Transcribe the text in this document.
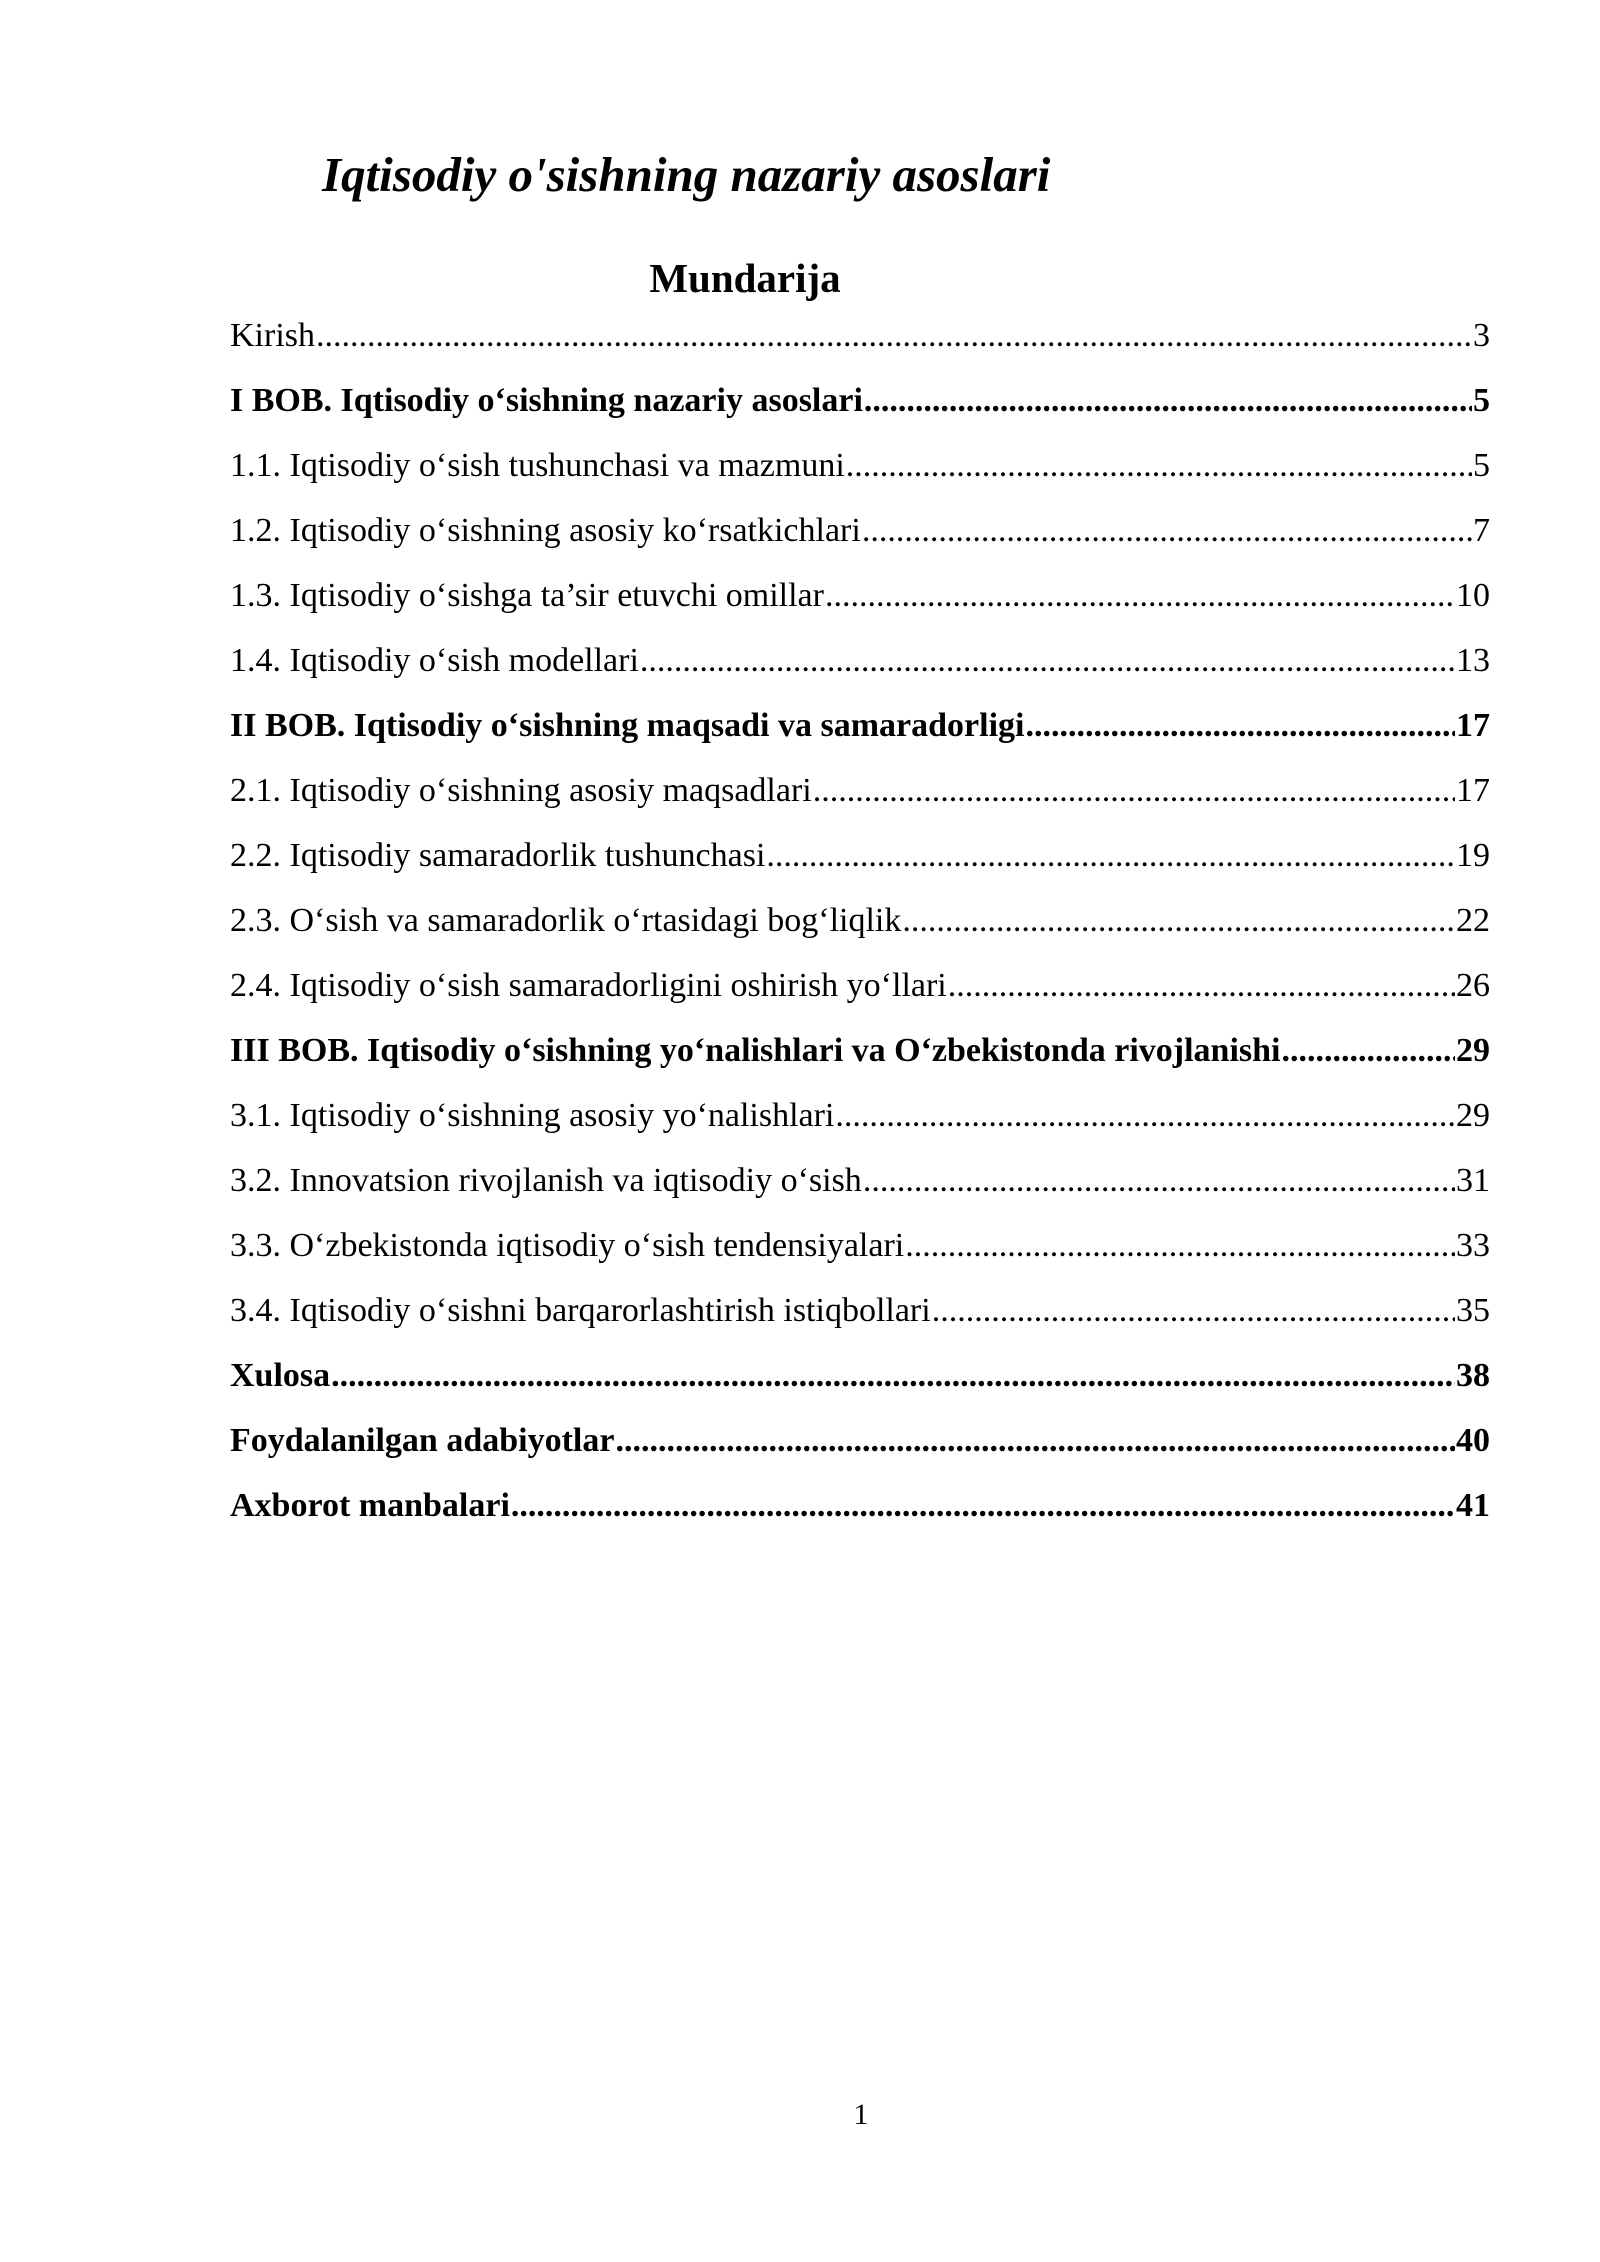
Iqtisodiy o'sishning nazariy asoslari
Mundarija
Kirish .....	3
I BOB. Iqtisodiy o‘sishning nazariy asoslari .....	5
1.1. Iqtisodiy o‘sish tushunchasi va mazmuni .....	5
1.2. Iqtisodiy o‘sishning asosiy ko‘rsatkichlari .....	7
1.3. Iqtisodiy o‘sishga ta’sir etuvchi omillar .....	10
1.4. Iqtisodiy o‘sish modellari .....	13
II BOB. Iqtisodiy o‘sishning maqsadi va samaradorligi .....	17
2.1. Iqtisodiy o‘sishning asosiy maqsadlari .....	17
2.2. Iqtisodiy samaradorlik tushunchasi .....	19
2.3. O‘sish va samaradorlik o‘rtasidagi bog‘liqlik .....	22
2.4. Iqtisodiy o‘sish samaradorligini oshirish yo‘llari .....	26
III BOB. Iqtisodiy o‘sishning yo‘nalishlari va O‘zbekistonda rivojlanishi .....	29
3.1. Iqtisodiy o‘sishning asosiy yo‘nalishlari .....	29
3.2. Innovatsion rivojlanish va iqtisodiy o‘sish .....	31
3.3. O‘zbekistonda iqtisodiy o‘sish tendensiyalari .....	33
3.4. Iqtisodiy o‘sishni barqarorlashtirish istiqbollari .....	35
Xulosa .....	38
Foydalanilgan adabiyotlar .....	40
Axborot manbalari .....	41
1
